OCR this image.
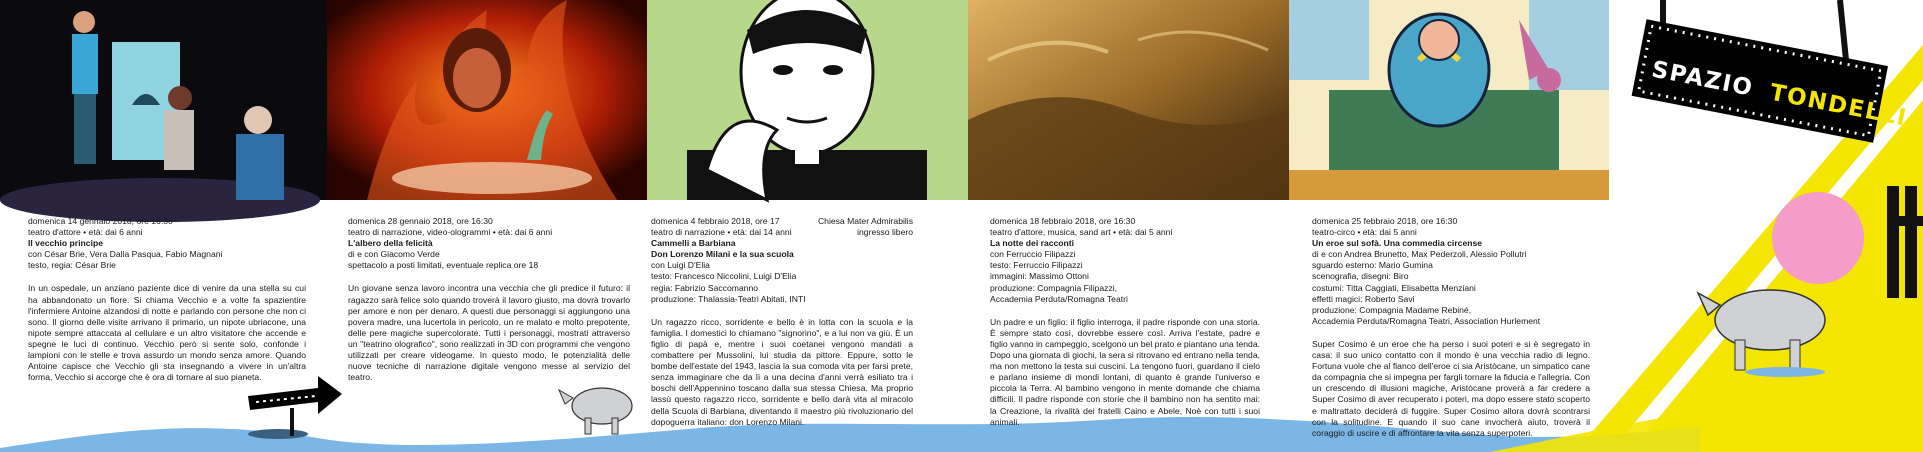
SPAZIO TONDELLI

domenica 14 gennaio 2018, ore 16:30

teatro d'attore • età: dai 6 anni

Il vecchio principe

con César Brie, Vera Dalla Pasqua, Fabio Magnani

testo, regia: César Brie

In un ospedale, un anziano paziente dice di venire da una stella su cui ha abbandonato un fiore. Si chiama Vecchio e a volte fa spazientire l'infermiere Antoine alzandosi di notte e parlando con persone che non ci sono. Il giorno delle visite arrivano il primario, un nipote ubriacone, una nipote sempre attaccata al cellulare e un altro visitatore che accende e spegne le luci di continuo. Vecchio però si sente solo, confonde i lampioni con le stelle e trova assurdo un mondo senza amore. Quando Antoine capisce che Vecchio gli sta insegnando a vivere in un'altra forma, Vecchio si accorge che è ora di tornare al suo pianeta.

domenica 28 gennaio 2018, ore 16:30

teatro di narrazione, video-ologrammi • età: dai 6 anni

L'albero della felicità

di e con Giacomo Verde

spettacolo a posti limitati, eventuale replica ore 18

Un giovane senza lavoro incontra una vecchia che gli predice il futuro: il ragazzo sarà felice solo quando troverà il lavoro giusto, ma dovrà trovarlo per amore e non per denaro. A questi due personaggi si aggiungono una povera madre, una lucertola in pericolo, un re malato e molto prepotente, delle pere magiche supercolorate. Tutti i personaggi, mostrati attraverso un "teatrino olografico", sono realizzati in 3D con programmi che vengono utilizzati per creare videogame. In questo modo, le potenzialità delle nuove tecniche di narrazione digitale vengono messe al servizio del teatro.

Chiesa Mater Admirabilis

ingresso libero

domenica 4 febbraio 2018, ore 17

teatro di narrazione • età: dai 14 anni

Cammelli a Barbiana

Don Lorenzo Milani e la sua scuola

con Luigi D'Elia

testo: Francesco Niccolini, Luigi D'Elia

regia: Fabrizio Saccomanno

produzione: Thalassia-Teatri Abitati, INTI

Un ragazzo ricco, sorridente e bello è in lotta con la scuola e la famiglia. I domestici lo chiamano "signorino", e a lui non va giù. È un figlio di papà e, mentre i suoi coetanei vengono mandati a combattere per Mussolini, lui studia da pittore. Eppure, sotto le bombe dell'estate del 1943, lascia la sua comoda vita per farsi prete, senza immaginare che da lì a una decina d'anni verrà esiliato tra i boschi dell'Appennino toscano dalla sua stessa Chiesa. Ma proprio lassù questo ragazzo ricco, sorridente e bello darà vita al miracolo della Scuola di Barbiana, diventando il maestro più rivoluzionario del dopoguerra italiano: don Lorenzo Milani.

domenica 18 febbraio 2018, ore 16:30

teatro d'attore, musica, sand art • età: dai 5 anni

La notte dei racconti

con Ferruccio Filipazzi

testo: Ferruccio Filipazzi

immagini: Massimo Ottoni

produzione: Compagnia Filipazzi,

Accademia Perduta/Romagna Teatri

Un padre e un figlio: il figlio interroga, il padre risponde con una storia. È sempre stato così, dovrebbe essere così. Arriva l'estate, padre e figlio vanno in campeggio, scelgono un bel prato e piantano una tenda. Dopo una giornata di giochi, la sera si ritrovano ed entrano nella tenda, ma non mettono la testa sui cuscini. La tengono fuori, guardano il cielo e parlano insieme di mondi lontani, di quanto è grande l'universo e piccola la Terra. Al bambino vengono in mente domande che chiama difficili. Il padre risponde con storie che il bambino non ha sentito mai: la Creazione, la rivalità dei fratelli Caino e Abele, Noè con tutti i suoi animali.

domenica 25 febbraio 2018, ore 16:30

teatro-circo • età: dai 5 anni

Un eroe sul sofà. Una commedia circense

di e con Andrea Brunetto, Max Pederzoli, Alessio Pollutri

sguardo esterno: Mario Gumina

scenografia, disegni: Biro

costumi: Titta Caggiati, Elisabetta Menziani

effetti magici: Roberto Savi

produzione: Compagnia Madame Rebiné,

Accademia Perduta/Romagna Teatri, Association Hurlement

Super Cosimo è un eroe che ha perso i suoi poteri e si è segregato in casa: il suo unico contatto con il mondo è una vecchia radio di legno. Fortuna vuole che al fianco dell'eroe ci sia Aristòcane, un simpatico cane da compagnia che si impegna per fargli tornare la fiducia e l'allegria. Con un crescendo di illusioni magiche, Aristòcane proverà a far credere a Super Cosimo di aver recuperato i poteri, ma dopo essere stato scoperto e maltrattato deciderà di fuggire. Super Cosimo allora dovrà scontrarsi con la solitudine. E quando il suo cane invocherà aiuto, troverà il coraggio di uscire e di affrontare la vita senza superpoteri.
